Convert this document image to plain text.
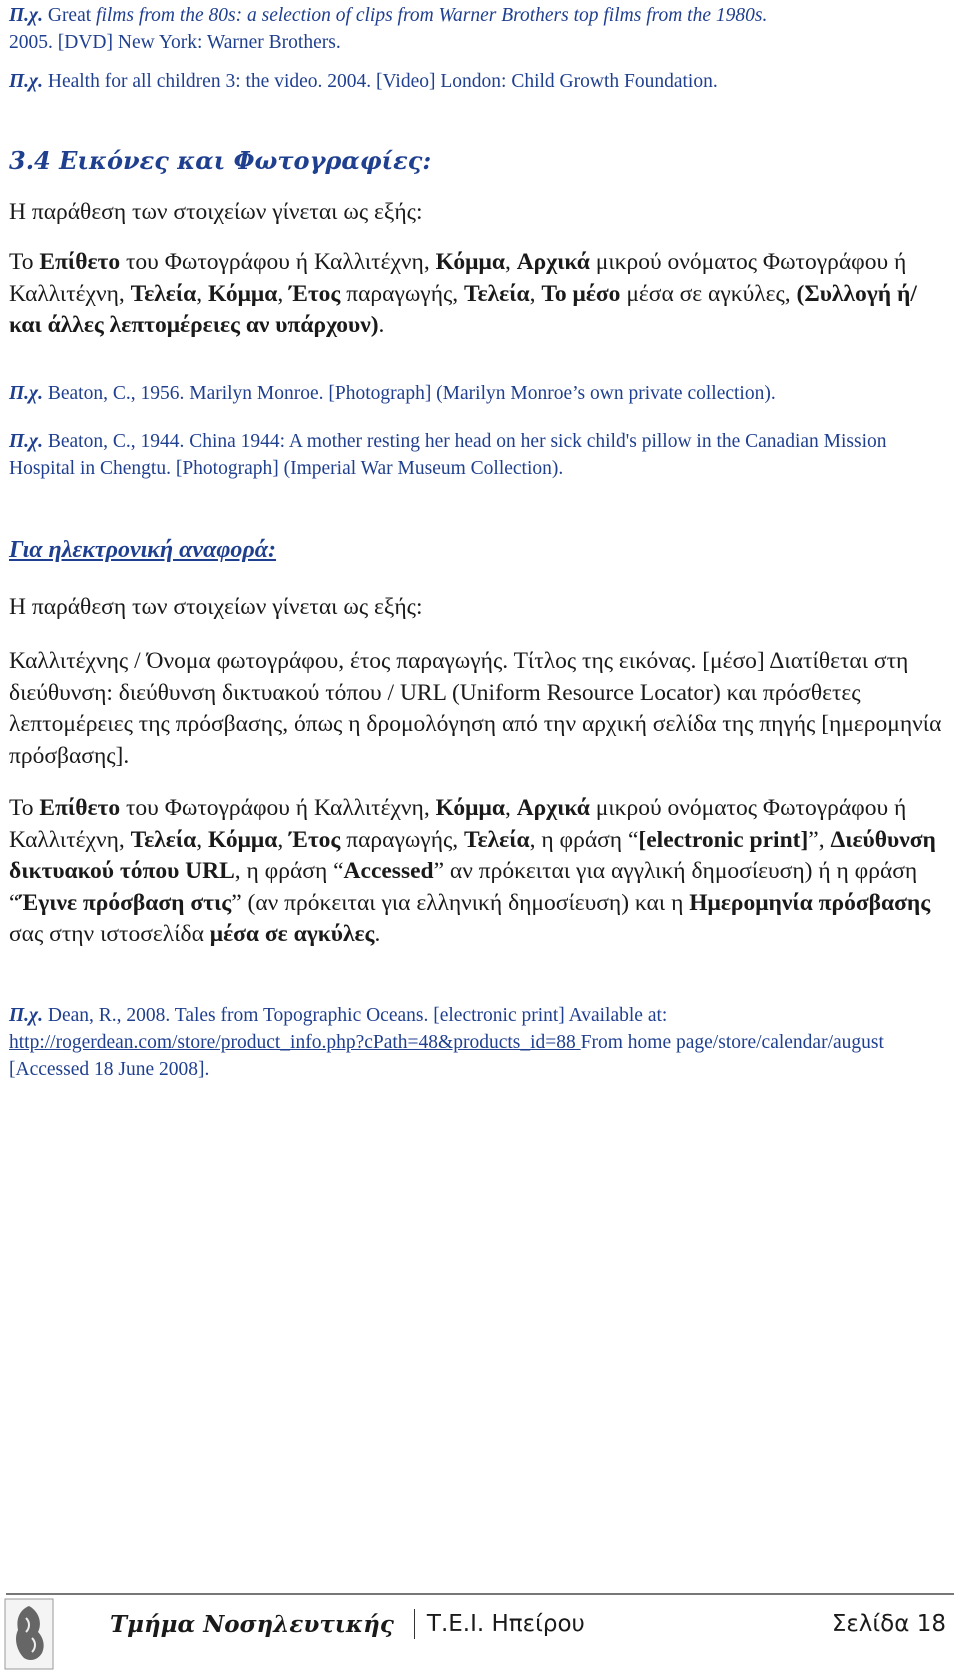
Π.χ. Great films from the 80s: a selection of clips from Warner Brothers top films from the 1980s.
2005. [DVD] New York: Warner Brothers.

Π.χ. Health for all children 3: the video. 2004. [Video] London: Child Growth Foundation.

3.4 Εικόνες και Φωτογραφίες:

Η παράθεση των στοιχείων γίνεται ως εξής:

Το Επίθετο του Φωτογράφου ή Καλλιτέχνη, Κόμμα, Αρχικά μικρού ονόματος Φωτογράφου ή Καλλιτέχνη, Τελεία, Κόμμα, Έτος παραγωγής, Τελεία, Το μέσο μέσα σε αγκύλες, (Συλλογή ή/και άλλες λεπτομέρειες αν υπάρχουν).

Π.χ. Beaton, C., 1956. Marilyn Monroe. [Photograph] (Marilyn Monroe’s own private collection).

Π.χ. Beaton, C., 1944. China 1944: A mother resting her head on her sick child's pillow in the Canadian Mission Hospital in Chengtu. [Photograph] (Imperial War Museum Collection).

Για ηλεκτρονική αναφορά:

Η παράθεση των στοιχείων γίνεται ως εξής:

Καλλιτέχνης / Όνομα φωτογράφου, έτος παραγωγής. Τίτλος της εικόνας. [μέσο] Διατίθεται στη διεύθυνση: διεύθυνση δικτυακού τόπου / URL (Uniform Resource Locator) και πρόσθετες λεπτομέρειες της πρόσβασης, όπως η δρομολόγηση από την αρχική σελίδα της πηγής [ημερομηνία πρόσβασης].

Το Επίθετο του Φωτογράφου ή Καλλιτέχνη, Κόμμα, Αρχικά μικρού ονόματος Φωτογράφου ή Καλλιτέχνη, Τελεία, Κόμμα, Έτος παραγωγής, Τελεία, η φράση “[electronic print]”, Διεύθυνση δικτυακού τόπου URL, η φράση “Accessed” αν πρόκειται για αγγλική δημοσίευση) ή η φράση “Έγινε πρόσβαση στις” (αν πρόκειται για ελληνική δημοσίευση) και η Ημερομηνία πρόσβασης σας στην ιστοσελίδα μέσα σε αγκύλες.

Π.χ. Dean, R., 2008. Tales from Topographic Oceans. [electronic print] Available at:
http://rogerdean.com/store/product_info.php?cPath=48&products_id=88 From home page/store/calendar/august [Accessed 18 June 2008].

Τμήμα Νοσηλευτικής Τ.Ε.Ι. Ηπείρου	Σελίδα 18
